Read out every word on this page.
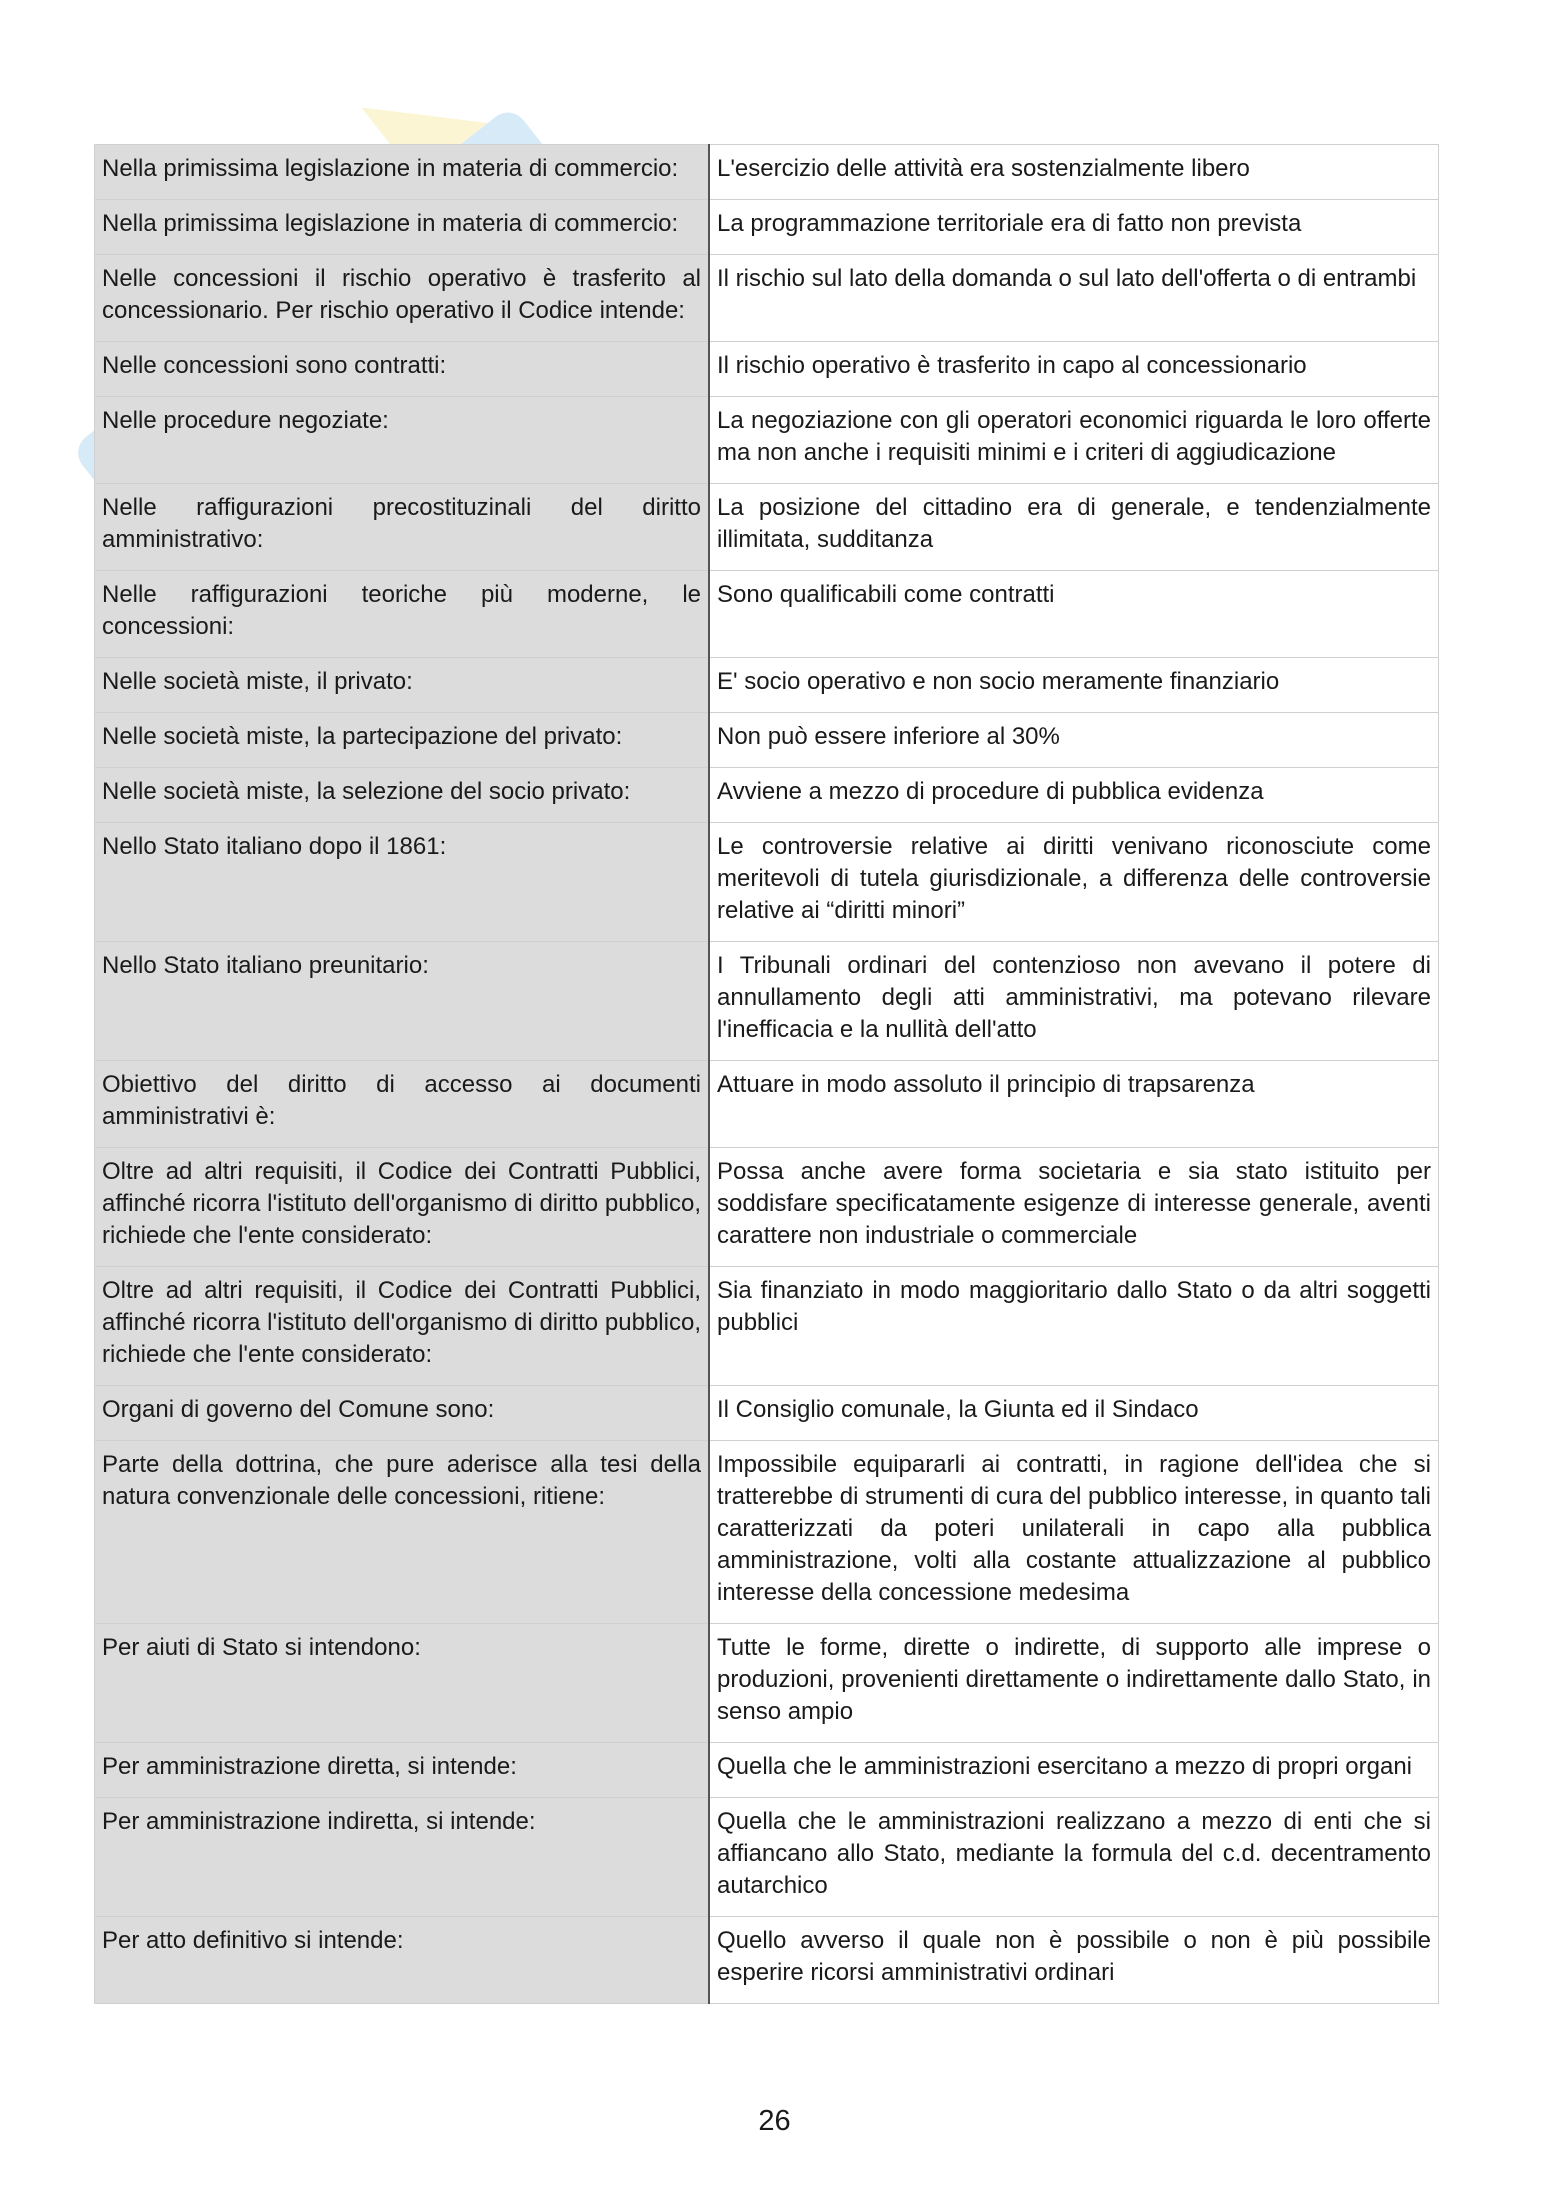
Nella primissima legislazione in materia di commercio:	L'esercizio delle attività era sostenzialmente libero
Nella primissima legislazione in materia di commercio:	La programmazione territoriale era di fatto non prevista
Nelle concessioni il rischio operativo è trasferito al concessionario. Per rischio operativo il Codice intende:	Il rischio sul lato della domanda o sul lato dell'offerta o di entrambi
Nelle concessioni sono contratti:	Il rischio operativo è trasferito in capo al concessionario
Nelle procedure negoziate:	La negoziazione con gli operatori economici riguarda le loro offerte ma non anche i requisiti minimi e i criteri di aggiudicazione
Nelle raffigurazioni precostituzinali del diritto amministrativo:	La posizione del cittadino era di generale, e tendenzialmente illimitata, sudditanza
Nelle raffigurazioni teoriche più moderne, le concessioni:	Sono qualificabili come contratti
Nelle società miste, il privato:	E' socio operativo e non socio meramente finanziario
Nelle società miste, la partecipazione del privato:	Non può essere inferiore al 30%
Nelle società miste, la selezione del socio privato:	Avviene a mezzo di procedure di pubblica evidenza
Nello Stato italiano dopo il 1861:	Le controversie relative ai diritti venivano riconosciute come meritevoli di tutela giurisdizionale, a differenza delle controversie relative ai “diritti minori”
Nello Stato italiano preunitario:	I Tribunali ordinari del contenzioso non avevano il potere di annullamento degli atti amministrativi, ma potevano rilevare l'inefficacia e la nullità dell'atto
Obiettivo del diritto di accesso ai documenti amministrativi è:	Attuare in modo assoluto il principio di trapsarenza
Oltre ad altri requisiti, il Codice dei Contratti Pubblici, affinché ricorra l'istituto dell'organismo di diritto pubblico, richiede che l'ente considerato:	Possa anche avere forma societaria e sia stato istituito per soddisfare specificatamente esigenze di interesse generale, aventi carattere non industriale o commerciale
Oltre ad altri requisiti, il Codice dei Contratti Pubblici, affinché ricorra l'istituto dell'organismo di diritto pubblico, richiede che l'ente considerato:	Sia finanziato in modo maggioritario dallo Stato o da altri soggetti pubblici
Organi di governo del Comune sono:	Il Consiglio comunale, la Giunta ed il Sindaco
Parte della dottrina, che pure aderisce alla tesi della natura convenzionale delle concessioni, ritiene:	Impossibile equipararli ai contratti, in ragione dell'idea che si tratterebbe di strumenti di cura del pubblico interesse, in quanto tali caratterizzati da poteri unilaterali in capo alla pubblica amministrazione, volti alla costante attualizzazione al pubblico interesse della concessione medesima
Per aiuti di Stato si intendono:	Tutte le forme, dirette o indirette, di supporto alle imprese o produzioni, provenienti direttamente o indirettamente dallo Stato, in senso ampio
Per amministrazione diretta, si intende:	Quella che le amministrazioni esercitano a mezzo di propri organi
Per amministrazione indiretta, si intende:	Quella che le amministrazioni realizzano a mezzo di enti che si affiancano allo Stato, mediante la formula del c.d. decentramento autarchico
Per atto definitivo si intende:	Quello avverso il quale non è possibile o non è più possibile esperire ricorsi amministrativi ordinari
26
